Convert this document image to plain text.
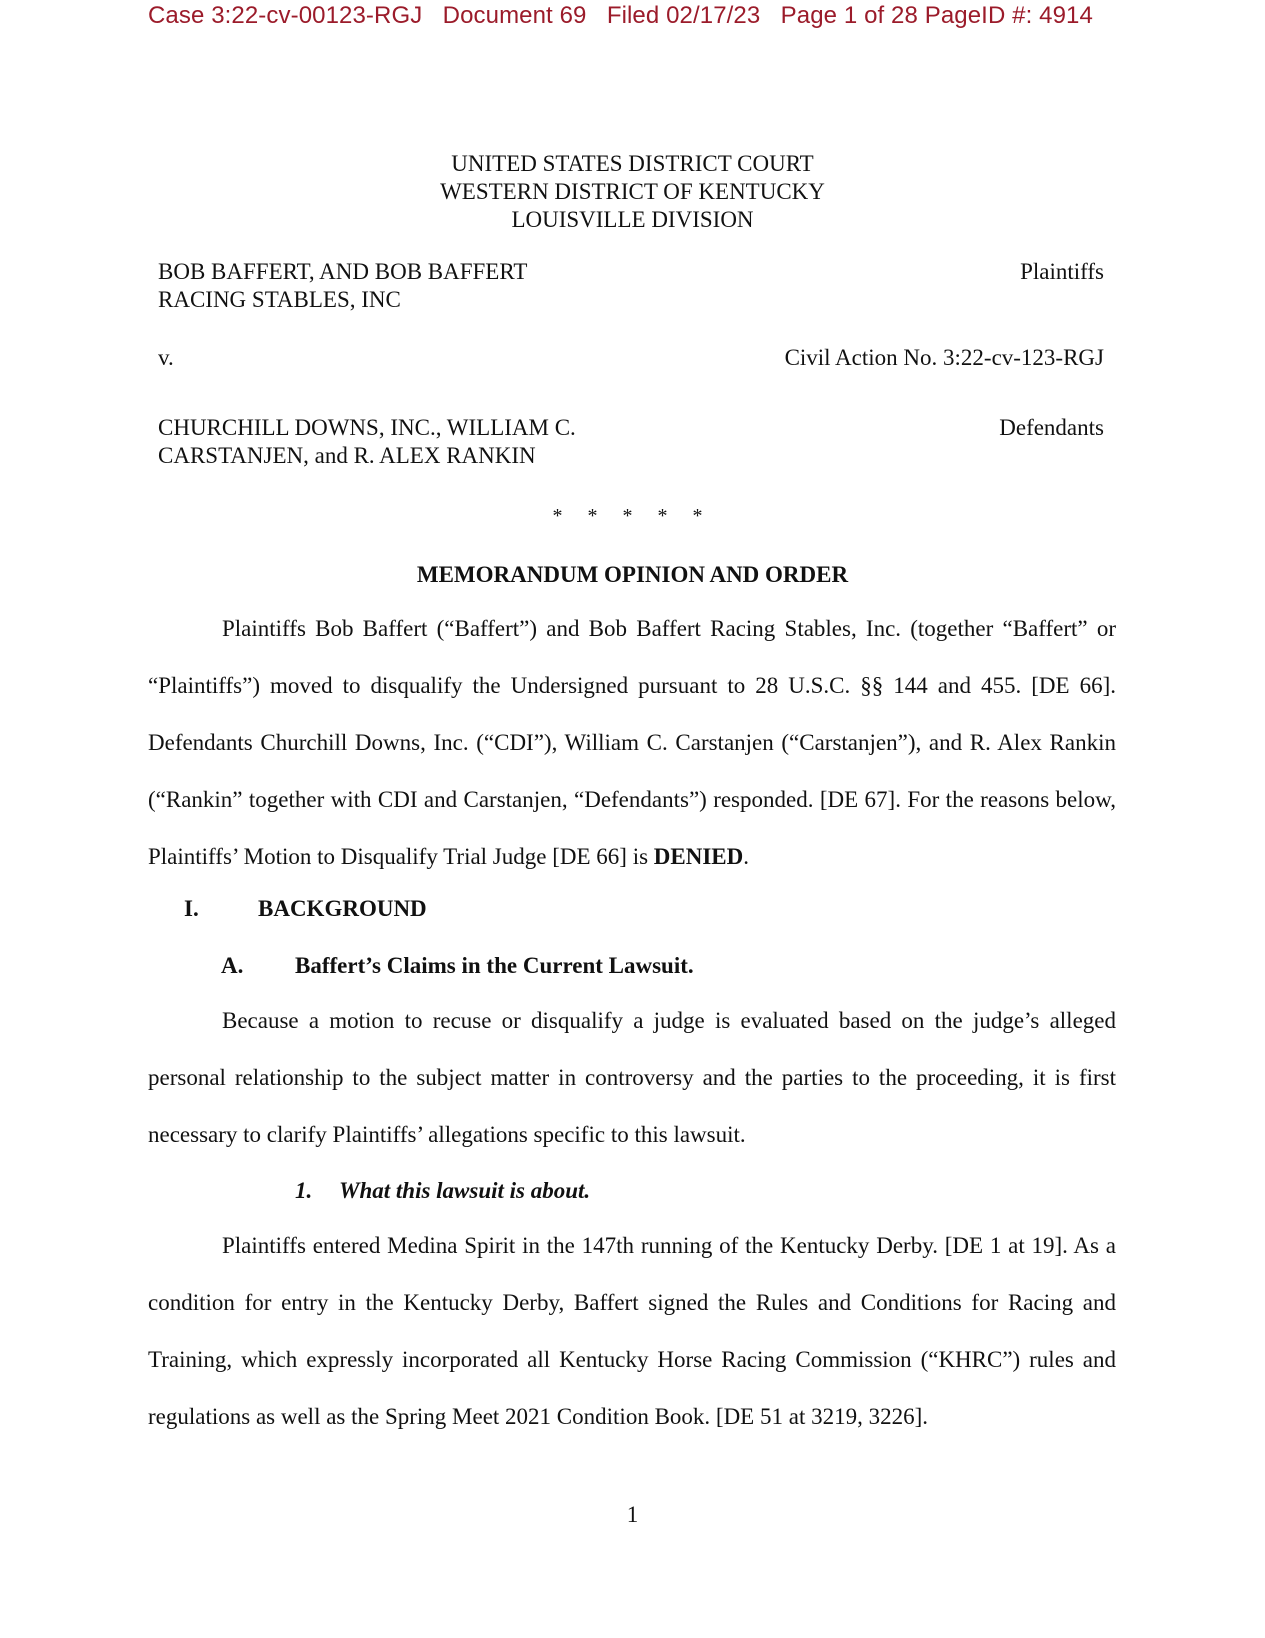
Case 3:22-cv-00123-RGJ Document 69 Filed 02/17/23 Page 1 of 28 PageID #: 4914
UNITED STATES DISTRICT COURT
WESTERN DISTRICT OF KENTUCKY
LOUISVILLE DIVISION
BOB BAFFERT, AND BOB BAFFERT
RACING STABLES, INC
Plaintiffs
v.	Civil Action No. 3:22-cv-123-RGJ
CHURCHILL DOWNS, INC., WILLIAM C.
CARSTANJEN, and R. ALEX RANKIN
Defendants
* * * * *
MEMORANDUM OPINION AND ORDER

Plaintiffs Bob Baffert (“Baffert”) and Bob Baffert Racing Stables, Inc. (together “Baffert” or “Plaintiffs”) moved to disqualify the Undersigned pursuant to 28 U.S.C. §§ 144 and 455. [DE 66]. Defendants Churchill Downs, Inc. (“CDI”), William C. Carstanjen (“Carstanjen”), and R. Alex Rankin (“Rankin” together with CDI and Carstanjen, “Defendants”) responded. [DE 67]. For the reasons below, Plaintiffs’ Motion to Disqualify Trial Judge [DE 66] is DENIED.

I.	BACKGROUND
A. Baffert’s Claims in the Current Lawsuit.

Because a motion to recuse or disqualify a judge is evaluated based on the judge’s alleged personal relationship to the subject matter in controversy and the parties to the proceeding, it is first necessary to clarify Plaintiffs’ allegations specific to this lawsuit.

1. What this lawsuit is about.

Plaintiffs entered Medina Spirit in the 147th running of the Kentucky Derby. [DE 1 at 19]. As a condition for entry in the Kentucky Derby, Baffert signed the Rules and Conditions for Racing and Training, which expressly incorporated all Kentucky Horse Racing Commission (“KHRC”) rules and regulations as well as the Spring Meet 2021 Condition Book. [DE 51 at 3219, 3226].

1
